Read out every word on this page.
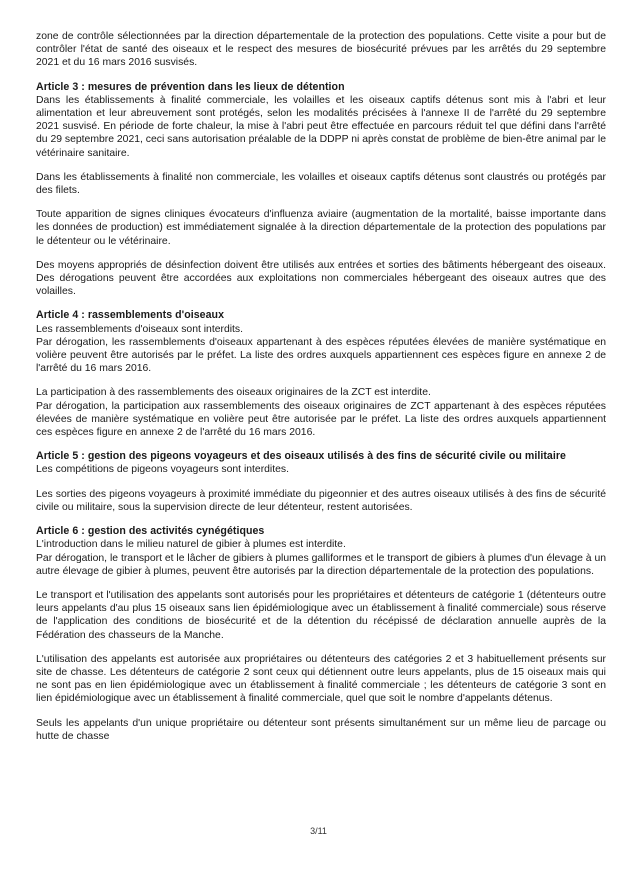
zone de contrôle sélectionnées par la direction départementale de la protection des populations. Cette visite a pour but de contrôler l'état de santé des oiseaux et le respect des mesures de biosécurité prévues par les arrêtés du 29 septembre 2021 et du 16 mars 2016 susvisés.

Article 3 : mesures de prévention dans les lieux de détention

Dans les établissements à finalité commerciale, les volailles et les oiseaux captifs détenus sont mis à l'abri et leur alimentation et leur abreuvement sont protégés, selon les modalités précisées à l'annexe II de l'arrêté du 29 septembre 2021 susvisé. En période de forte chaleur, la mise à l'abri peut être effectuée en parcours réduit tel que défini dans l'arrêté du 29 septembre 2021, ceci sans autorisation préalable de la DDPP ni après constat de problème de bien-être animal par le vétérinaire sanitaire.

Dans les établissements à finalité non commerciale, les volailles et oiseaux captifs détenus sont claustrés ou protégés par des filets.

Toute apparition de signes cliniques évocateurs d'influenza aviaire (augmentation de la mortalité, baisse importante dans les données de production) est immédiatement signalée à la direction départementale de la protection des populations par le détenteur ou le vétérinaire.

Des moyens appropriés de désinfection doivent être utilisés aux entrées et sorties des bâtiments hébergeant des oiseaux. Des dérogations peuvent être accordées aux exploitations non commerciales hébergeant des oiseaux autres que des volailles.

Article 4 : rassemblements d'oiseaux

Les rassemblements d'oiseaux sont interdits.

Par dérogation, les rassemblements d'oiseaux appartenant à des espèces réputées élevées de manière systématique en volière peuvent être autorisés par le préfet. La liste des ordres auxquels appartiennent ces espèces figure en annexe 2 de l'arrêté du 16 mars 2016.

La participation à des rassemblements des oiseaux originaires de la ZCT est interdite.

Par dérogation, la participation aux rassemblements des oiseaux originaires de ZCT appartenant à des espèces réputées élevées de manière systématique en volière peut être autorisée par le préfet. La liste des ordres auxquels appartiennent ces espèces figure en annexe 2 de l'arrêté du 16 mars 2016.

Article 5 : gestion des pigeons voyageurs et des oiseaux utilisés à des fins de sécurité civile ou militaire

Les compétitions de pigeons voyageurs sont interdites.

Les sorties des pigeons voyageurs à proximité immédiate du pigeonnier et des autres oiseaux utilisés à des fins de sécurité civile ou militaire, sous la supervision directe de leur détenteur, restent autorisées.

Article 6 : gestion des activités cynégétiques

L'introduction dans le milieu naturel de gibier à plumes est interdite.

Par dérogation, le transport et le lâcher de gibiers à plumes galliformes et le transport de gibiers à plumes d'un élevage à un autre élevage de gibier à plumes, peuvent être autorisés par la direction départementale de la protection des populations.

Le transport et l'utilisation des appelants sont autorisés pour les propriétaires et détenteurs de catégorie 1 (détenteurs outre leurs appelants d'au plus 15 oiseaux sans lien épidémiologique avec un établissement à finalité commerciale) sous réserve de l'application des conditions de biosécurité et de la détention du récépissé de déclaration annuelle auprès de la Fédération des chasseurs de la Manche.

L'utilisation des appelants est autorisée aux propriétaires ou détenteurs des catégories 2 et 3 habituellement présents sur site de chasse. Les détenteurs de catégorie 2 sont ceux qui détiennent outre leurs appelants, plus de 15 oiseaux mais qui ne sont pas en lien épidémiologique avec un établissement à finalité commerciale ; les détenteurs de catégorie 3 sont en lien épidémiologique avec un établissement à finalité commerciale, quel que soit le nombre d'appelants détenus.

Seuls les appelants d'un unique propriétaire ou détenteur sont présents simultanément sur un même lieu de parcage ou hutte de chasse

3/11
